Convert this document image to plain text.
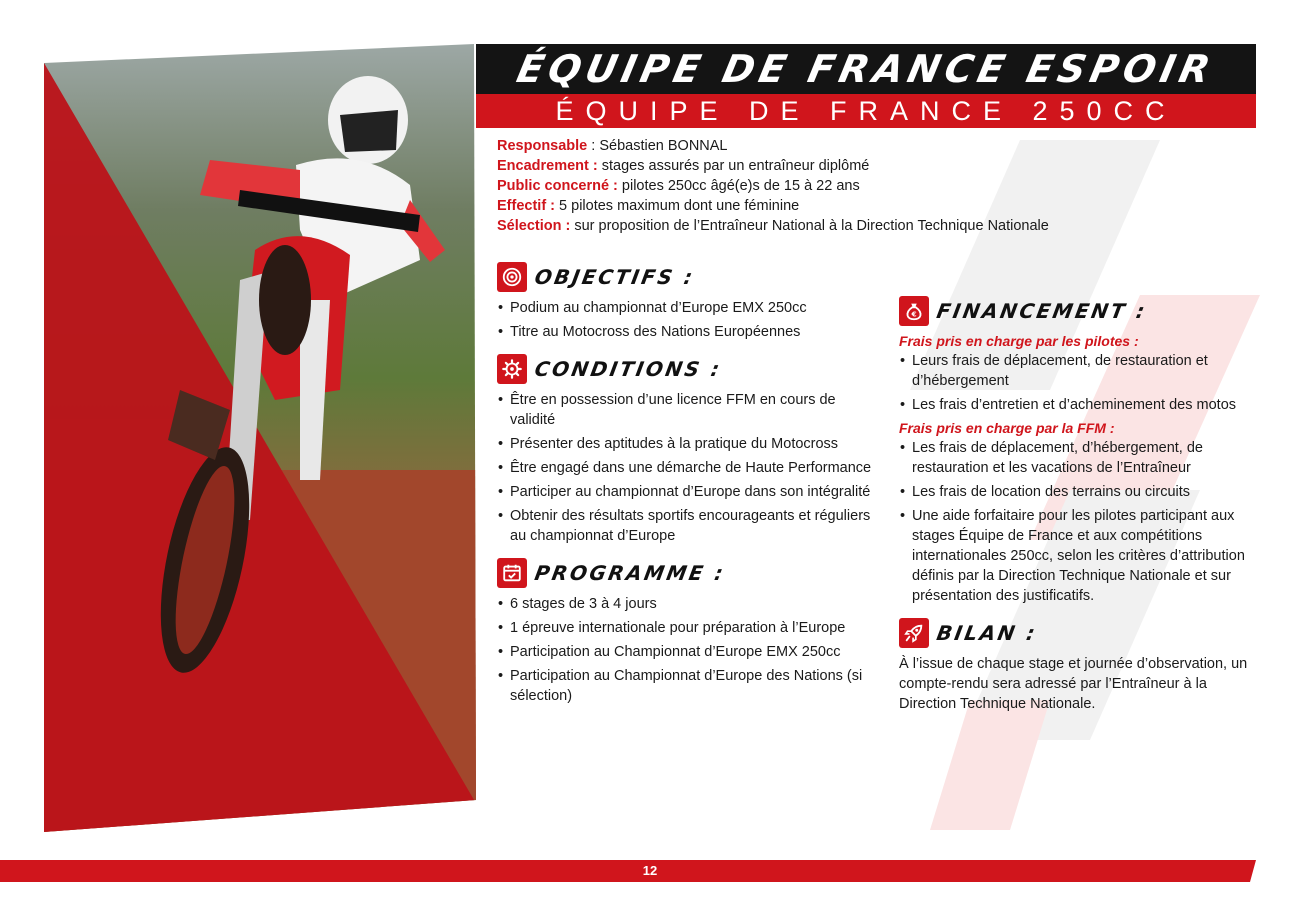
ÉQUIPE DE FRANCE ESPOIR
ÉQUIPE DE FRANCE 250CC
Responsable : Sébastien BONNAL
Encadrement : stages assurés par un entraîneur diplômé
Public concerné : pilotes 250cc âgé(e)s de 15 à 22 ans
Effectif : 5 pilotes maximum dont une féminine
Sélection : sur proposition de l’Entraîneur National à la Direction Technique Nationale
OBJECTIFS :
• Podium au championnat d’Europe EMX 250cc
• Titre au Motocross des Nations Européennes
CONDITIONS :
• Être en possession d’une licence FFM en cours de validité
• Présenter des aptitudes à la pratique du Motocross
• Être engagé dans une démarche de Haute Performance
• Participer au championnat d’Europe dans son intégralité
• Obtenir des résultats sportifs encourageants et réguliers au championnat d’Europe
PROGRAMME :
• 6 stages de 3 à 4 jours
• 1 épreuve internationale pour préparation à l’Europe
• Participation au Championnat d’Europe EMX 250cc
• Participation au Championnat d’Europe des Nations (si sélection)
€ FINANCEMENT :
Frais pris en charge par les pilotes :
• Leurs frais de déplacement, de restauration et d’hébergement
• Les frais d’entretien et d’acheminement des motos
Frais pris en charge par la FFM :
• Les frais de déplacement, d’hébergement, de restauration et les vacations de l’Entraîneur
• Les frais de location des terrains ou circuits
• Une aide forfaitaire pour les pilotes participant aux stages Équipe de France et aux compétitions internationales 250cc, selon les critères d’attribution définis par la Direction Technique Nationale et sur présentation des justificatifs.
BILAN :
À l’issue de chaque stage et journée d’observation, un compte-rendu sera adressé par l’Entraîneur à la Direction Technique Nationale.
12
